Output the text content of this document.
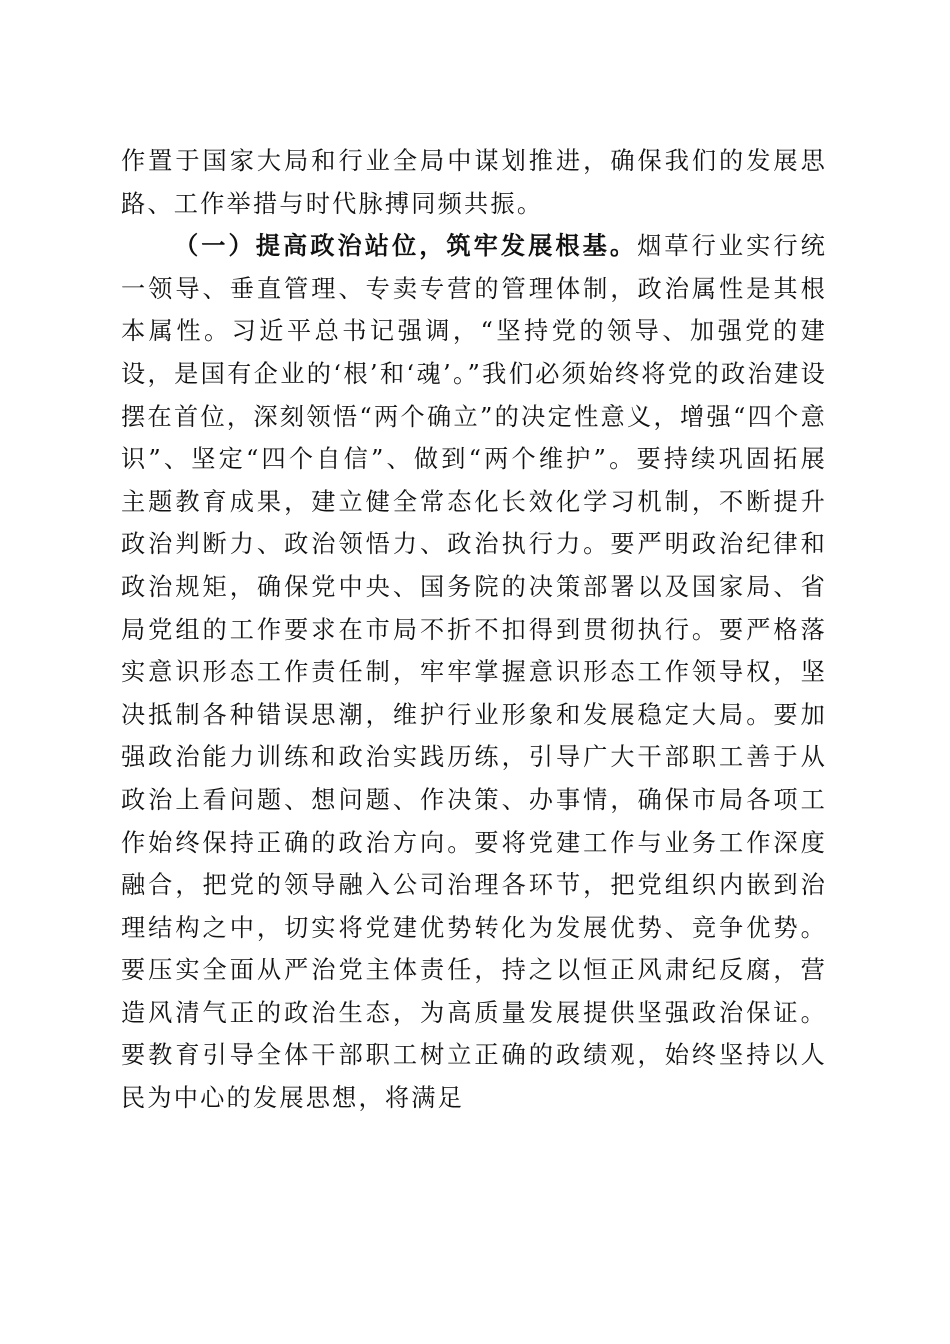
作置于国家大局和行业全局中谋划推进，确保我们的发展思路、工作举措与时代脉搏同频共振。

（一）提高政治站位，筑牢发展根基。烟草行业实行统一领导、垂直管理、专卖专营的管理体制，政治属性是其根本属性。习近平总书记强调，“坚持党的领导、加强党的建设，是国有企业的‘根’和‘魂’。”我们必须始终将党的政治建设摆在首位，深刻领悟“两个确立”的决定性意义，增强“四个意识”、坚定“四个自信”、做到“两个维护”。要持续巩固拓展主题教育成果，建立健全常态化长效化学习机制，不断提升政治判断力、政治领悟力、政治执行力。要严明政治纪律和政治规矩，确保党中央、国务院的决策部署以及国家局、省局党组的工作要求在市局不折不扣得到贯彻执行。要严格落实意识形态工作责任制，牢牢掌握意识形态工作领导权，坚决抵制各种错误思潮，维护行业形象和发展稳定大局。要加强政治能力训练和政治实践历练，引导广大干部职工善于从政治上看问题、想问题、作决策、办事情，确保市局各项工作始终保持正确的政治方向。要将党建工作与业务工作深度融合，把党的领导融入公司治理各环节，把党组织内嵌到治理结构之中，切实将党建优势转化为发展优势、竞争优势。要压实全面从严治党主体责任，持之以恒正风肃纪反腐，营造风清气正的政治生态，为高质量发展提供坚强政治保证。要教育引导全体干部职工树立正确的政绩观，始终坚持以人民为中心的发展思想，将满足
